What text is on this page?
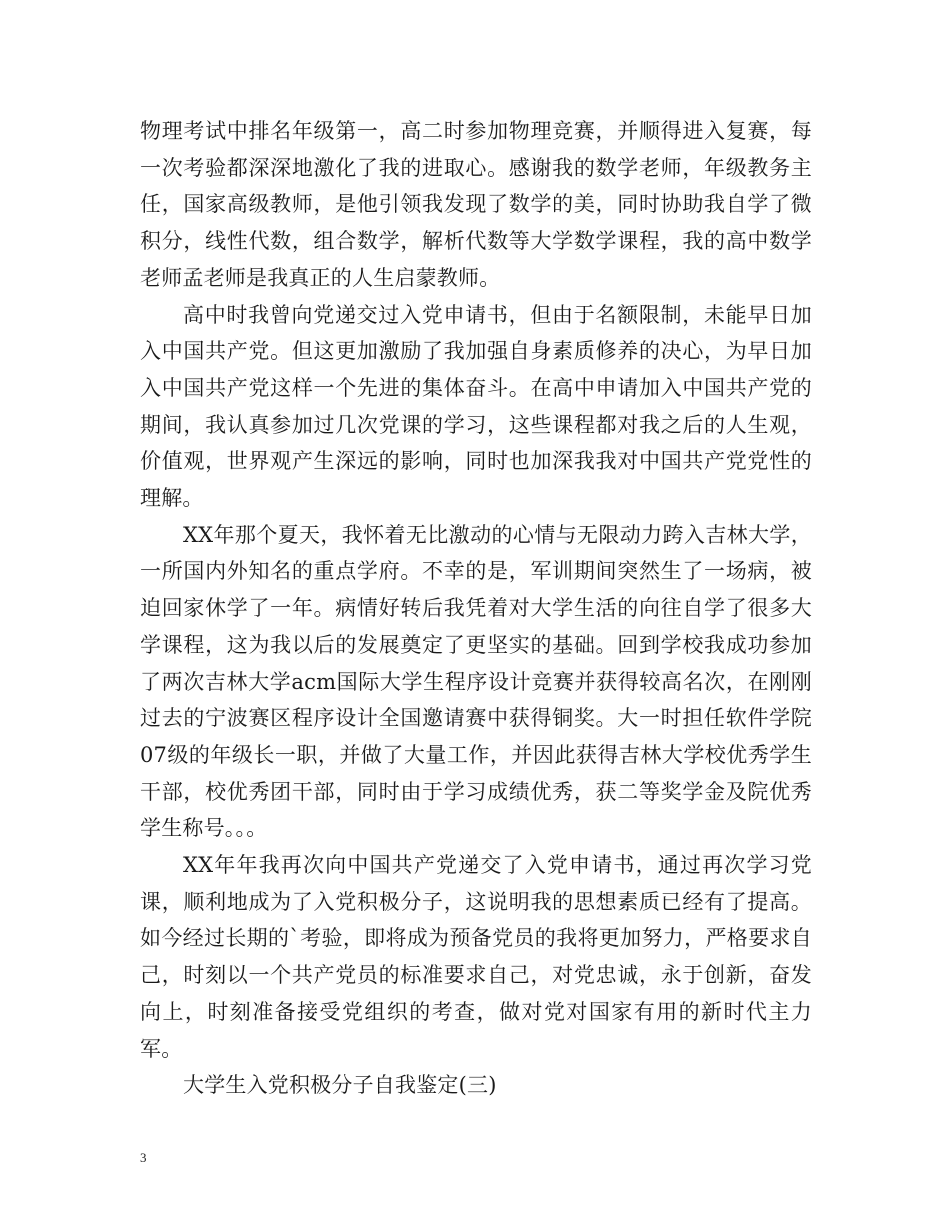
物理考试中排名年级第一，高二时参加物理竞赛，并顺得进入复赛，每一次考验都深深地激化了我的进取心。感谢我的数学老师，年级教务主任，国家高级教师，是他引领我发现了数学的美，同时协助我自学了微积分，线性代数，组合数学，解析代数等大学数学课程，我的高中数学老师孟老师是我真正的人生启蒙教师。

高中时我曾向党递交过入党申请书，但由于名额限制，未能早日加入中国共产党。但这更加激励了我加强自身素质修养的决心，为早日加入中国共产党这样一个先进的集体奋斗。在高中申请加入中国共产党的期间，我认真参加过几次党课的学习，这些课程都对我之后的人生观，价值观，世界观产生深远的影响，同时也加深我我对中国共产党党性的理解。

XX年那个夏天，我怀着无比激动的心情与无限动力跨入吉林大学，一所国内外知名的重点学府。不幸的是，军训期间突然生了一场病，被迫回家休学了一年。病情好转后我凭着对大学生活的向往自学了很多大学课程，这为我以后的发展奠定了更坚实的基础。回到学校我成功参加了两次吉林大学acm国际大学生程序设计竞赛并获得较高名次，在刚刚过去的宁波赛区程序设计全国邀请赛中获得铜奖。大一时担任软件学院07级的年级长一职，并做了大量工作，并因此获得吉林大学校优秀学生干部，校优秀团干部，同时由于学习成绩优秀，获二等奖学金及院优秀学生称号。。。

XX年年我再次向中国共产党递交了入党申请书，通过再次学习党课，顺利地成为了入党积极分子，这说明我的思想素质已经有了提高。如今经过长期的`考验，即将成为预备党员的我将更加努力，严格要求自己，时刻以一个共产党员的标准要求自己，对党忠诚，永于创新，奋发向上，时刻准备接受党组织的考查，做对党对国家有用的新时代主力军。

大学生入党积极分子自我鉴定(三)

3
